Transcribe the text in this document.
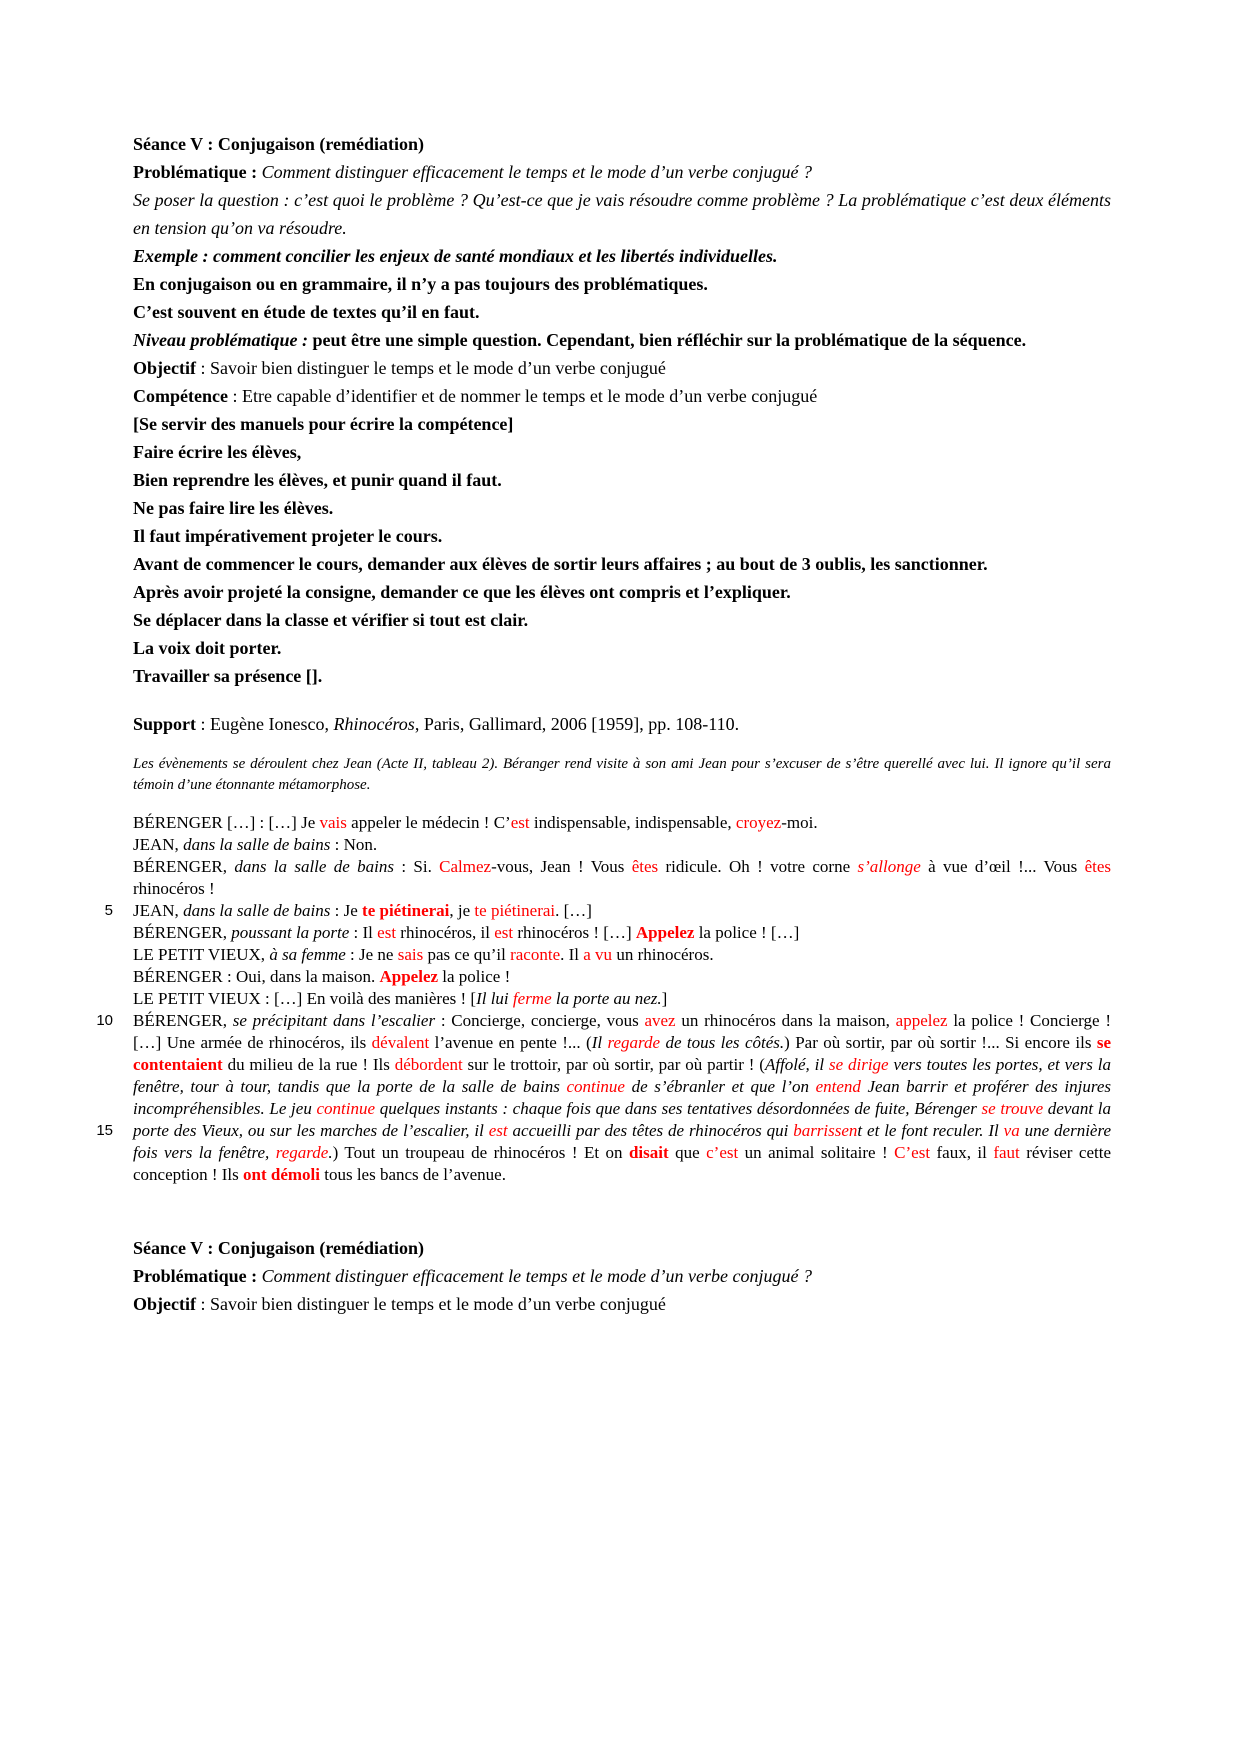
Séance V : Conjugaison (remédiation)

Problématique : Comment distinguer efficacement le temps et le mode d’un verbe conjugué ?

Se poser la question : c’est quoi le problème ? Qu’est-ce que je vais résoudre comme problème ? La problématique c’est deux éléments en tension qu’on va résoudre.

Exemple : comment concilier les enjeux de santé mondiaux et les libertés individuelles.

En conjugaison ou en grammaire, il n’y a pas toujours des problématiques.

C’est souvent en étude de textes qu’il en faut.

Niveau problématique : peut être une simple question. Cependant, bien réfléchir sur la problématique de la séquence.

Objectif : Savoir bien distinguer le temps et le mode d’un verbe conjugué

Compétence : Etre capable d’identifier et de nommer le temps et le mode d’un verbe conjugué

[Se servir des manuels pour écrire la compétence]

Faire écrire les élèves,

Bien reprendre les élèves, et punir quand il faut.

Ne pas faire lire les élèves.

Il faut impérativement projeter le cours.

Avant de commencer le cours, demander aux élèves de sortir leurs affaires ; au bout de 3 oublis, les sanctionner.

Après avoir projeté la consigne, demander ce que les élèves ont compris et l’expliquer.

Se déplacer dans la classe et vérifier si tout est clair.

La voix doit porter.

Travailler sa présence [].

Support : Eugène Ionesco, Rhinocéros, Paris, Gallimard, 2006 [1959], pp. 108-110.

Les évènements se déroulent chez Jean (Acte II, tableau 2). Béranger rend visite à son ami Jean pour s’excuser de s’être querellé avec lui. Il ignore qu’il sera témoin d’une étonnante métamorphose.

5
10
15

BÉRENGER […] : […] Je vais appeler le médecin ! C’est indispensable, indispensable, croyez-moi.

JEAN, dans la salle de bains : Non.

BÉRENGER, dans la salle de bains : Si. Calmez-vous, Jean ! Vous êtes ridicule. Oh ! votre corne s’allonge à vue d’œil !... Vous êtes rhinocéros !

JEAN, dans la salle de bains : Je te piétinerai, je te piétinerai. […]

BÉRENGER, poussant la porte : Il est rhinocéros, il est rhinocéros ! […] Appelez la police ! […]

LE PETIT VIEUX, à sa femme : Je ne sais pas ce qu’il raconte. Il a vu un rhinocéros.

BÉRENGER : Oui, dans la maison. Appelez la police !

LE PETIT VIEUX : […] En voilà des manières ! [Il lui ferme la porte au nez.]

BÉRENGER, se précipitant dans l’escalier : Concierge, concierge, vous avez un rhinocéros dans la maison, appelez la police ! Concierge ! […] Une armée de rhinocéros, ils dévalent l’avenue en pente !... (Il regarde de tous les côtés.) Par où sortir, par où sortir !... Si encore ils se contentaient du milieu de la rue ! Ils débordent sur le trottoir, par où sortir, par où partir ! (Affolé, il se dirige vers toutes les portes, et vers la fenêtre, tour à tour, tandis que la porte de la salle de bains continue de s’ébranler et que l’on entend Jean barrir et proférer des injures incompréhensibles. Le jeu continue quelques instants : chaque fois que dans ses tentatives désordonnées de fuite, Bérenger se trouve devant la porte des Vieux, ou sur les marches de l’escalier, il est accueilli par des têtes de rhinocéros qui barrissent et le font reculer. Il va une dernière fois vers la fenêtre, regarde.) Tout un troupeau de rhinocéros ! Et on disait que c’est un animal solitaire ! C’est faux, il faut réviser cette conception ! Ils ont démoli tous les bancs de l’avenue.

Séance V : Conjugaison (remédiation)

Problématique : Comment distinguer efficacement le temps et le mode d’un verbe conjugué ?

Objectif : Savoir bien distinguer le temps et le mode d’un verbe conjugué
